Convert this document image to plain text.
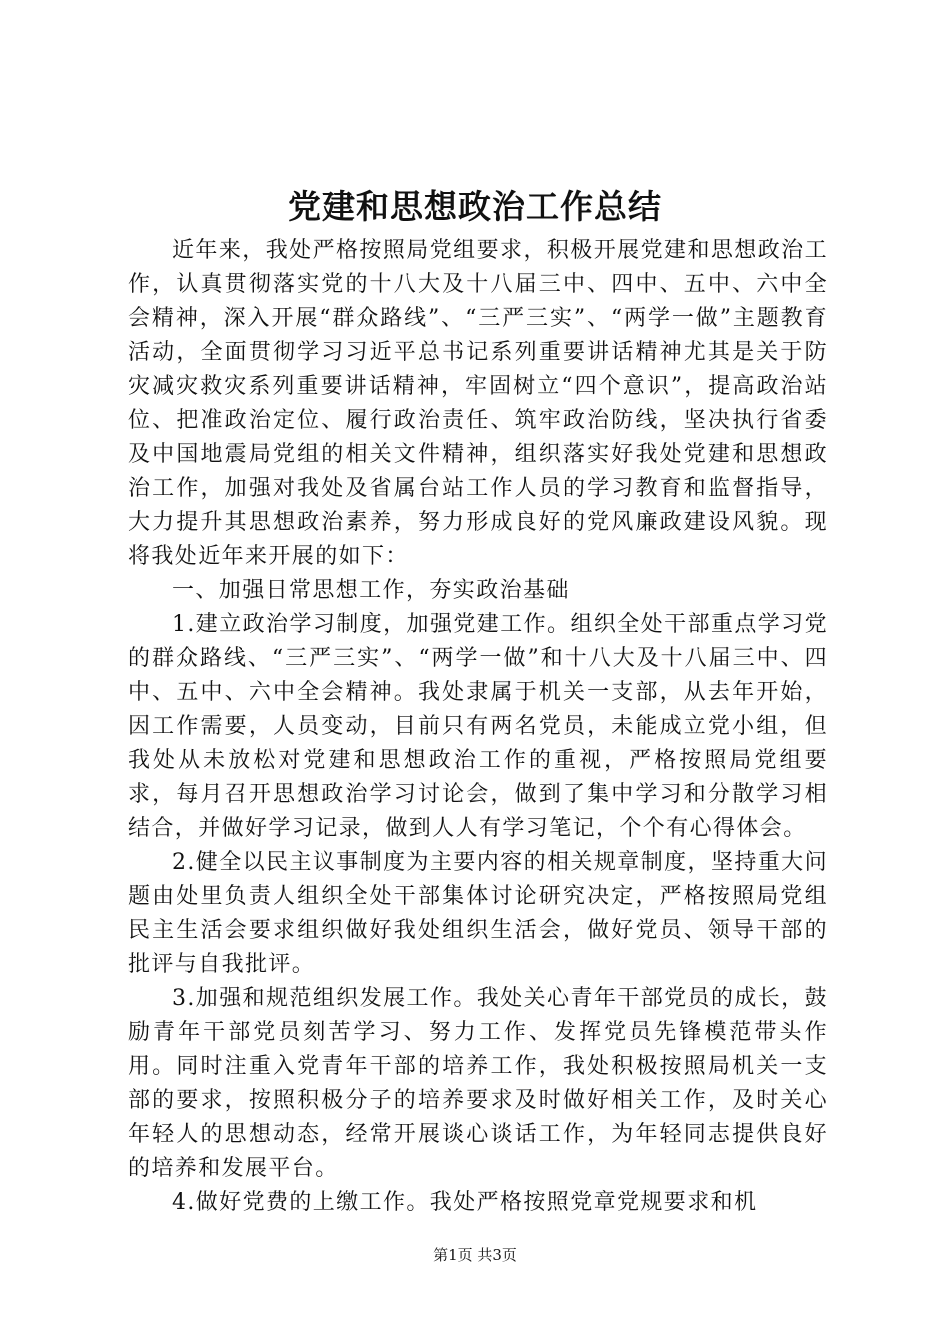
党建和思想政治工作总结

近年来，我处严格按照局党组要求，积极开展党建和思想政治工作，认真贯彻落实党的十八大及十八届三中、四中、五中、六中全会精神，深入开展“群众路线”、“三严三实”、“两学一做”主题教育活动，全面贯彻学习习近平总书记系列重要讲话精神尤其是关于防灾减灾救灾系列重要讲话精神，牢固树立“四个意识”，提高政治站位、把准政治定位、履行政治责任、筑牢政治防线，坚决执行省委及中国地震局党组的相关文件精神，组织落实好我处党建和思想政治工作，加强对我处及省属台站工作人员的学习教育和监督指导，大力提升其思想政治素养，努力形成良好的党风廉政建设风貌。现将我处近年来开展的如下：

一、加强日常思想工作，夯实政治基础

1.建立政治学习制度，加强党建工作。组织全处干部重点学习党的群众路线、“三严三实”、“两学一做”和十八大及十八届三中、四中、五中、六中全会精神。我处隶属于机关一支部，从去年开始，因工作需要，人员变动，目前只有两名党员，未能成立党小组，但我处从未放松对党建和思想政治工作的重视，严格按照局党组要求，每月召开思想政治学习讨论会，做到了集中学习和分散学习相结合，并做好学习记录，做到人人有学习笔记，个个有心得体会。

2.健全以民主议事制度为主要内容的相关规章制度，坚持重大问题由处里负责人组织全处干部集体讨论研究决定，严格按照局党组民主生活会要求组织做好我处组织生活会，做好党员、领导干部的批评与自我批评。

3.加强和规范组织发展工作。我处关心青年干部党员的成长，鼓励青年干部党员刻苦学习、努力工作、发挥党员先锋模范带头作用。同时注重入党青年干部的培养工作，我处积极按照局机关一支部的要求，按照积极分子的培养要求及时做好相关工作，及时关心年轻人的思想动态，经常开展谈心谈话工作，为年轻同志提供良好的培养和发展平台。

4.做好党费的上缴工作。我处严格按照党章党规要求和机

第1页 共3页
